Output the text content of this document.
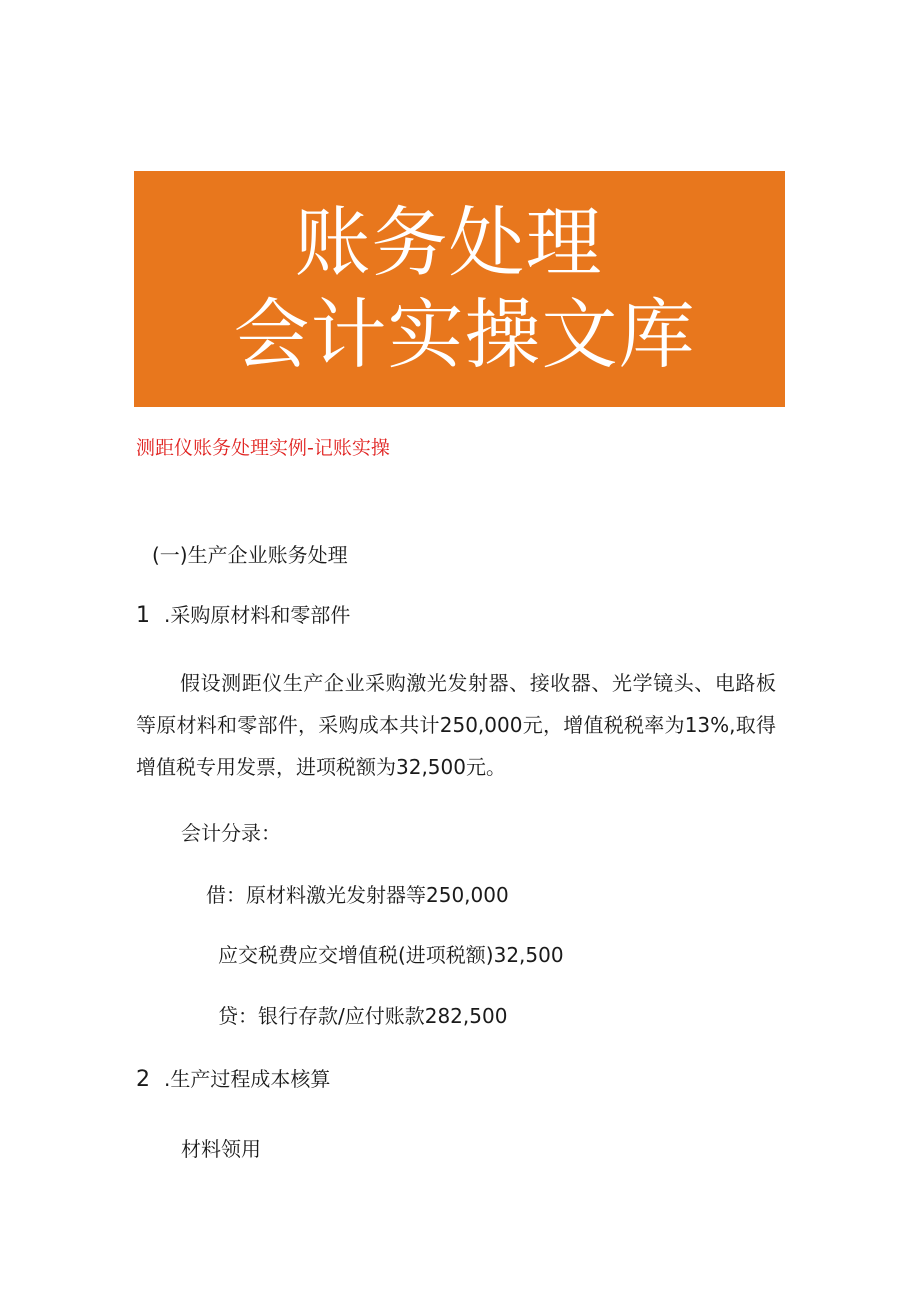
账务处理
会计实操文库
测距仪账务处理实例-记账实操
(一)生产企业账务处理
1 .采购原材料和零部件
假设测距仪生产企业采购激光发射器、接收器、光学镜头、电路板等原材料和零部件，采购成本共计250,000元，增值税税率为13%,取得增值税专用发票，进项税额为32,500元。
会计分录：
借：原材料激光发射器等250,000
应交税费应交增值税(进项税额)32,500
贷：银行存款/应付账款282,500
2 .生产过程成本核算
材料领用
